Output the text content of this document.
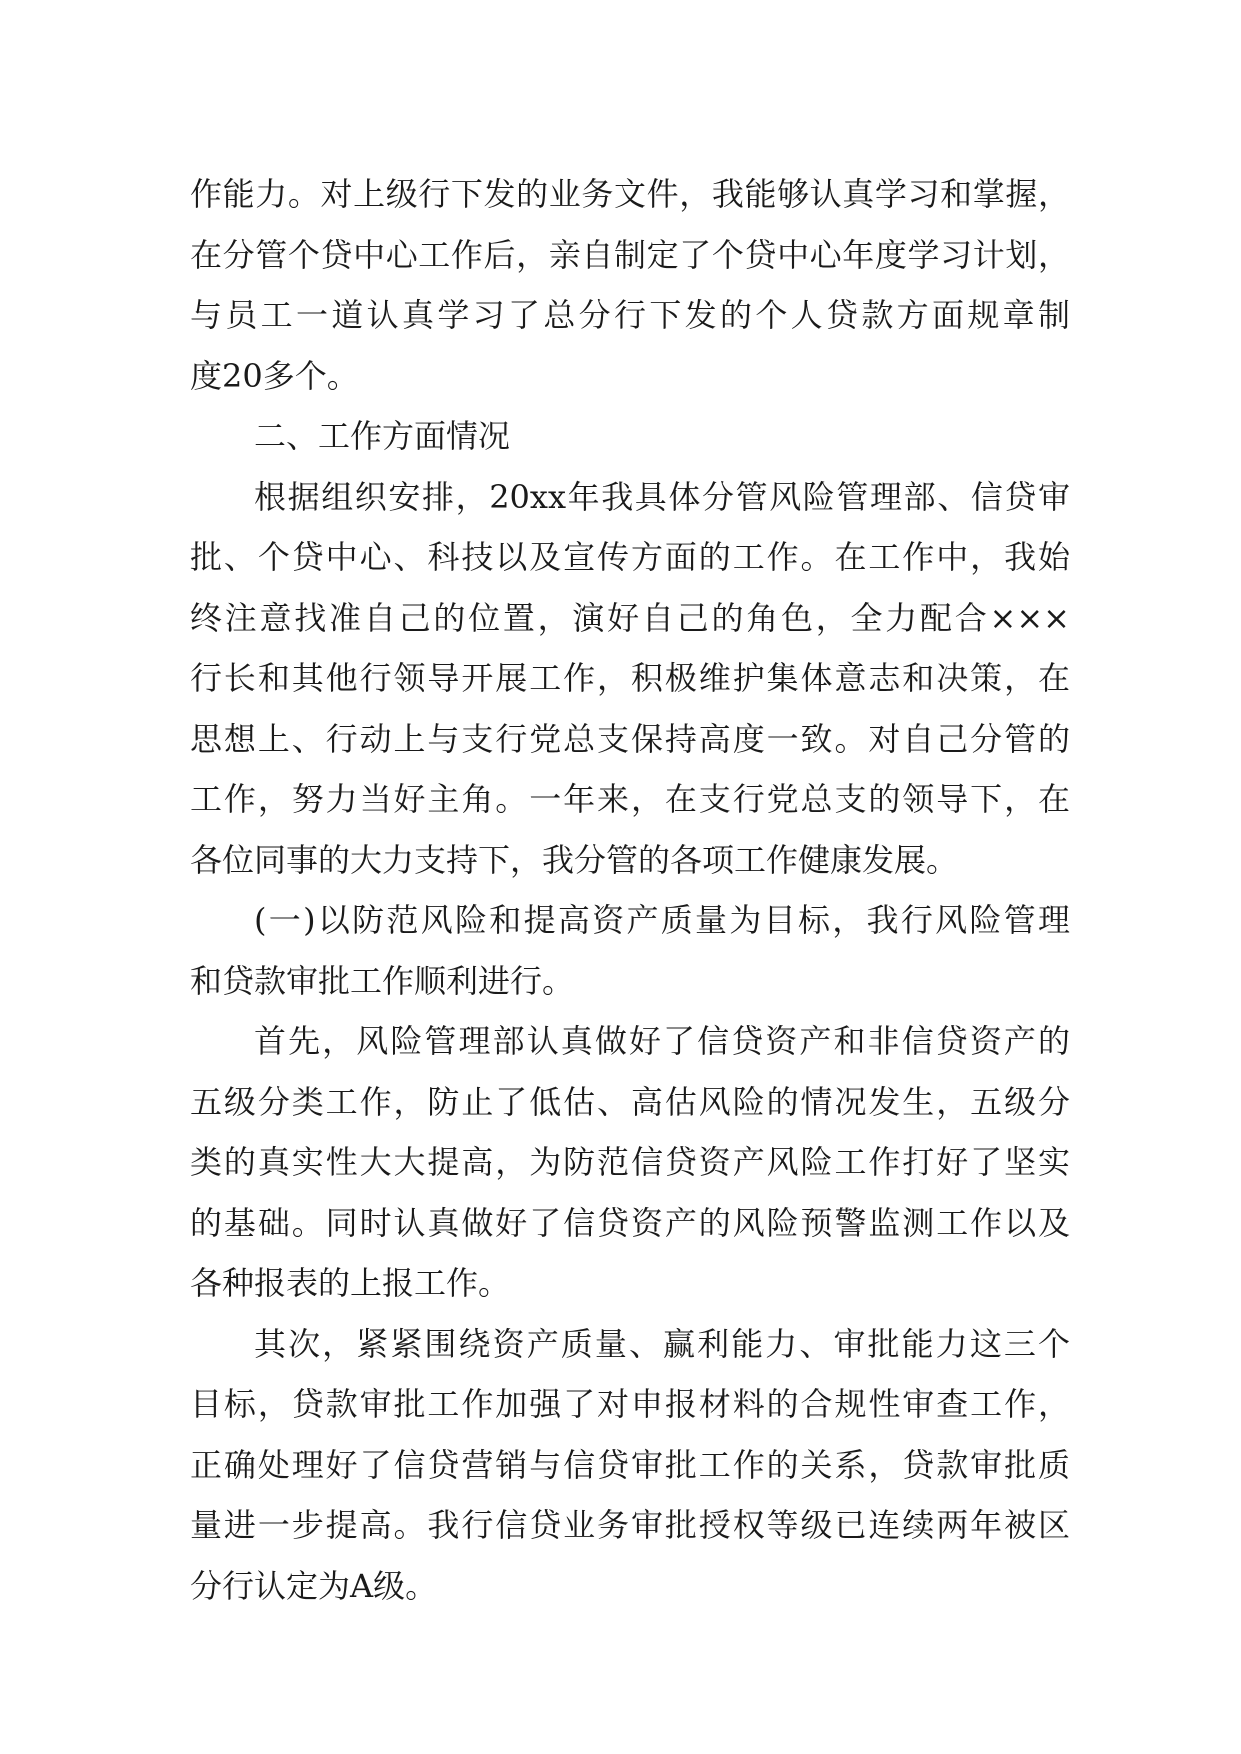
作能力。对上级行下发的业务文件，我能够认真学习和掌握，
在分管个贷中心工作后，亲自制定了个贷中心年度学习计划，
与员工一道认真学习了总分行下发的个人贷款方面规章制
度20多个。
二、工作方面情况
根据组织安排，20xx年我具体分管风险管理部、信贷审
批、个贷中心、科技以及宣传方面的工作。在工作中，我始
终注意找准自己的位置，演好自己的角色，全力配合×××
行长和其他行领导开展工作，积极维护集体意志和决策，在
思想上、行动上与支行党总支保持高度一致。对自己分管的
工作，努力当好主角。一年来，在支行党总支的领导下，在
各位同事的大力支持下，我分管的各项工作健康发展。
(一)以防范风险和提高资产质量为目标，我行风险管理
和贷款审批工作顺利进行。
首先，风险管理部认真做好了信贷资产和非信贷资产的
五级分类工作，防止了低估、高估风险的情况发生，五级分
类的真实性大大提高，为防范信贷资产风险工作打好了坚实
的基础。同时认真做好了信贷资产的风险预警监测工作以及
各种报表的上报工作。
其次，紧紧围绕资产质量、赢利能力、审批能力这三个
目标，贷款审批工作加强了对申报材料的合规性审查工作，
正确处理好了信贷营销与信贷审批工作的关系，贷款审批质
量进一步提高。我行信贷业务审批授权等级已连续两年被区
分行认定为A级。
